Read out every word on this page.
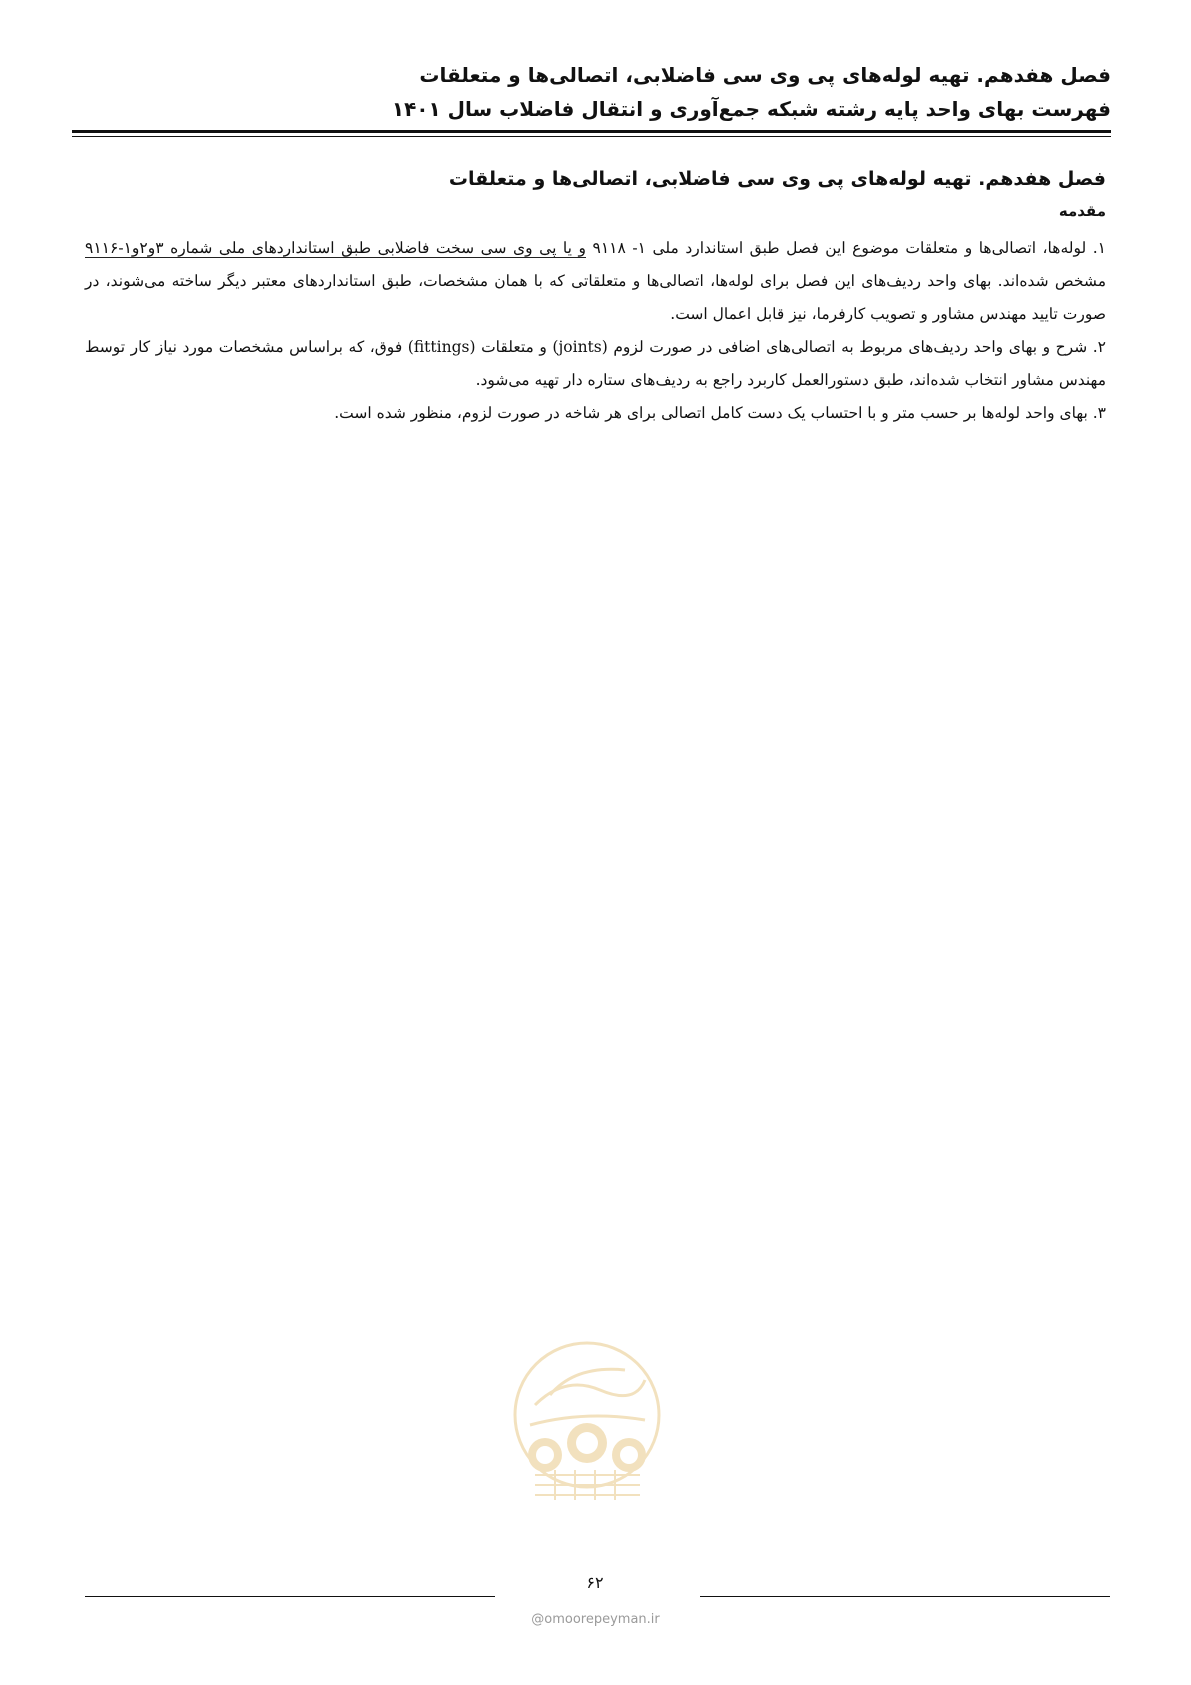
فصل هفدهم. تهیه لوله‌های پی وی سی فاضلابی، اتصالی‌ها و متعلقات

فهرست بهای واحد پایه رشته شبکه جمع‌آوری و انتقال فاضلاب سال ۱۴۰۱

فصل هفدهم. تهیه لوله‌های پی وی سی فاضلابی، اتصالی‌ها و متعلقات

مقدمه

۱. لوله‌ها، اتصالی‌ها و متعلقات موضوع این فصل طبق استاندارد ملی ۱- ۹۱۱۸ و یا پی وی سی سخت فاضلابی طبق استانداردهای ملی شماره ۳و۲و۱-۹۱۱۶ مشخص شده‌اند. بهای واحد ردیف‌های این فصل برای لوله‌ها، اتصالی‌ها و متعلقاتی که با همان مشخصات، طبق استانداردهای معتبر دیگر ساخته می‌شوند، در صورت تایید مهندس مشاور و تصویب کارفرما، نیز قابل اعمال است.

۲. شرح و بهای واحد ردیف‌های مربوط به اتصالی‌های اضافی در صورت لزوم (joints) و متعلقات (fittings) فوق، که براساس مشخصات مورد نیاز کار توسط مهندس مشاور انتخاب شده‌اند، طبق دستورالعمل کاربرد راجع به ردیف‌های ستاره دار تهیه می‌شود.

۳. بهای واحد لوله‌ها بر حسب متر و با احتساب یک دست کامل اتصالی برای هر شاخه در صورت لزوم، منظور شده است.

۶۲
@omoorepeyman.ir
